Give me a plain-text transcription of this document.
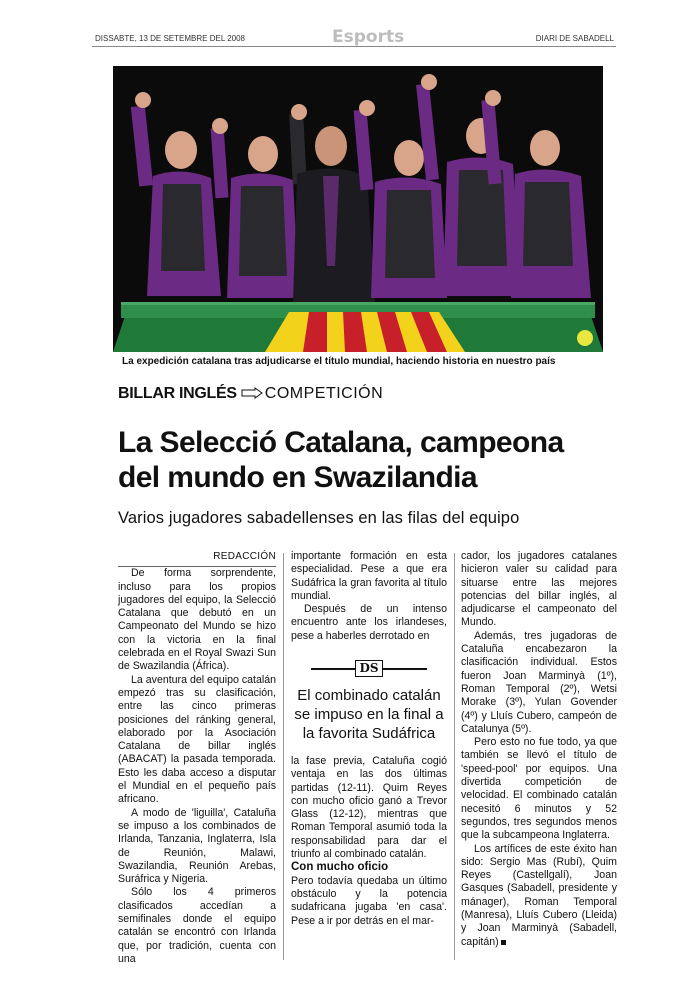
DISSABTE, 13 DE SETEMBRE DEL 2008	Esports	DIARI DE SABADELL
La expedición catalana tras adjudicarse el título mundial, haciendo historia en nuestro país
BILLAR INGLÉS COMPETICIÓN
La Selecció Catalana, campeona
del mundo en Swazilandia
Varios jugadores sabadellenses en las filas del equipo

REDACCIÓN

De forma sorprendente, incluso para los propios jugadores del equipo, la Selecció Catalana que debutó en un Campeonato del Mundo se hizo con la victoria en la final celebrada en el Royal Swazi Sun de Swazilandia (África).

La aventura del equipo catalán empezó tras su clasificación, entre las cinco primeras posiciones del ránking general, elaborado por la Asociación Catalana de billar inglés (ABACAT) la pasada temporada. Esto les daba acceso a disputar el Mundial en el pequeño país africano.

A modo de 'liguilla', Cataluña se impuso a los combinados de Irlanda, Tanzania, Inglaterra, Isla de Reunión, Malawi, Swazilandia, Reunión Arebas, Suráfrica y Nigeria.

Sólo los 4 primeros clasificados accedían a semifinales donde el equipo catalán se encontró con Irlanda que, por tradición, cuenta con una

importante formación en esta especialidad. Pese a que era Sudáfrica la gran favorita al título mundial.

Después de un intenso encuentro ante los irlandeses, pese a haberles derrotado en

DS
El combinado catalán se impuso en la final a la favorita Sudáfrica

la fase previa, Cataluña cogió ventaja en las dos últimas partidas (12-11). Quim Reyes con mucho oficio ganó a Trevor Glass (12-12), mientras que Roman Temporal asumió toda la responsabilidad para dar el triunfo al combinado catalán.

Con mucho oficio

Pero todavía quedaba un último obstáculo y la potencia sudafricana jugaba 'en casa'. Pese a ir por detrás en el mar-

cador, los jugadores catalanes hicieron valer su calidad para situarse entre las mejores potencias del billar inglés, al adjudicarse el campeonato del Mundo.

Además, tres jugadoras de Cataluña encabezaron la clasificación individual. Estos fueron Joan Marminyà (1º), Roman Temporal (2º), Wetsi Morake (3º), Yulan Govender (4º) y Lluís Cubero, campeón de Catalunya (5º).

Pero esto no fue todo, ya que también se llevó el título de 'speed-pool' por equipos. Una divertida competición de velocidad. El combinado catalán necesitó 6 minutos y 52 segundos, tres segundos menos que la subcampeona Inglaterra.

Los artífices de este éxito han sido: Sergio Mas (Rubí), Quim Reyes (Castellgalí), Joan Gasques (Sabadell, presidente y mánager), Roman Temporal (Manresa), Lluís Cubero (Lleida) y Joan Marminyà (Sabadell, capitán)
